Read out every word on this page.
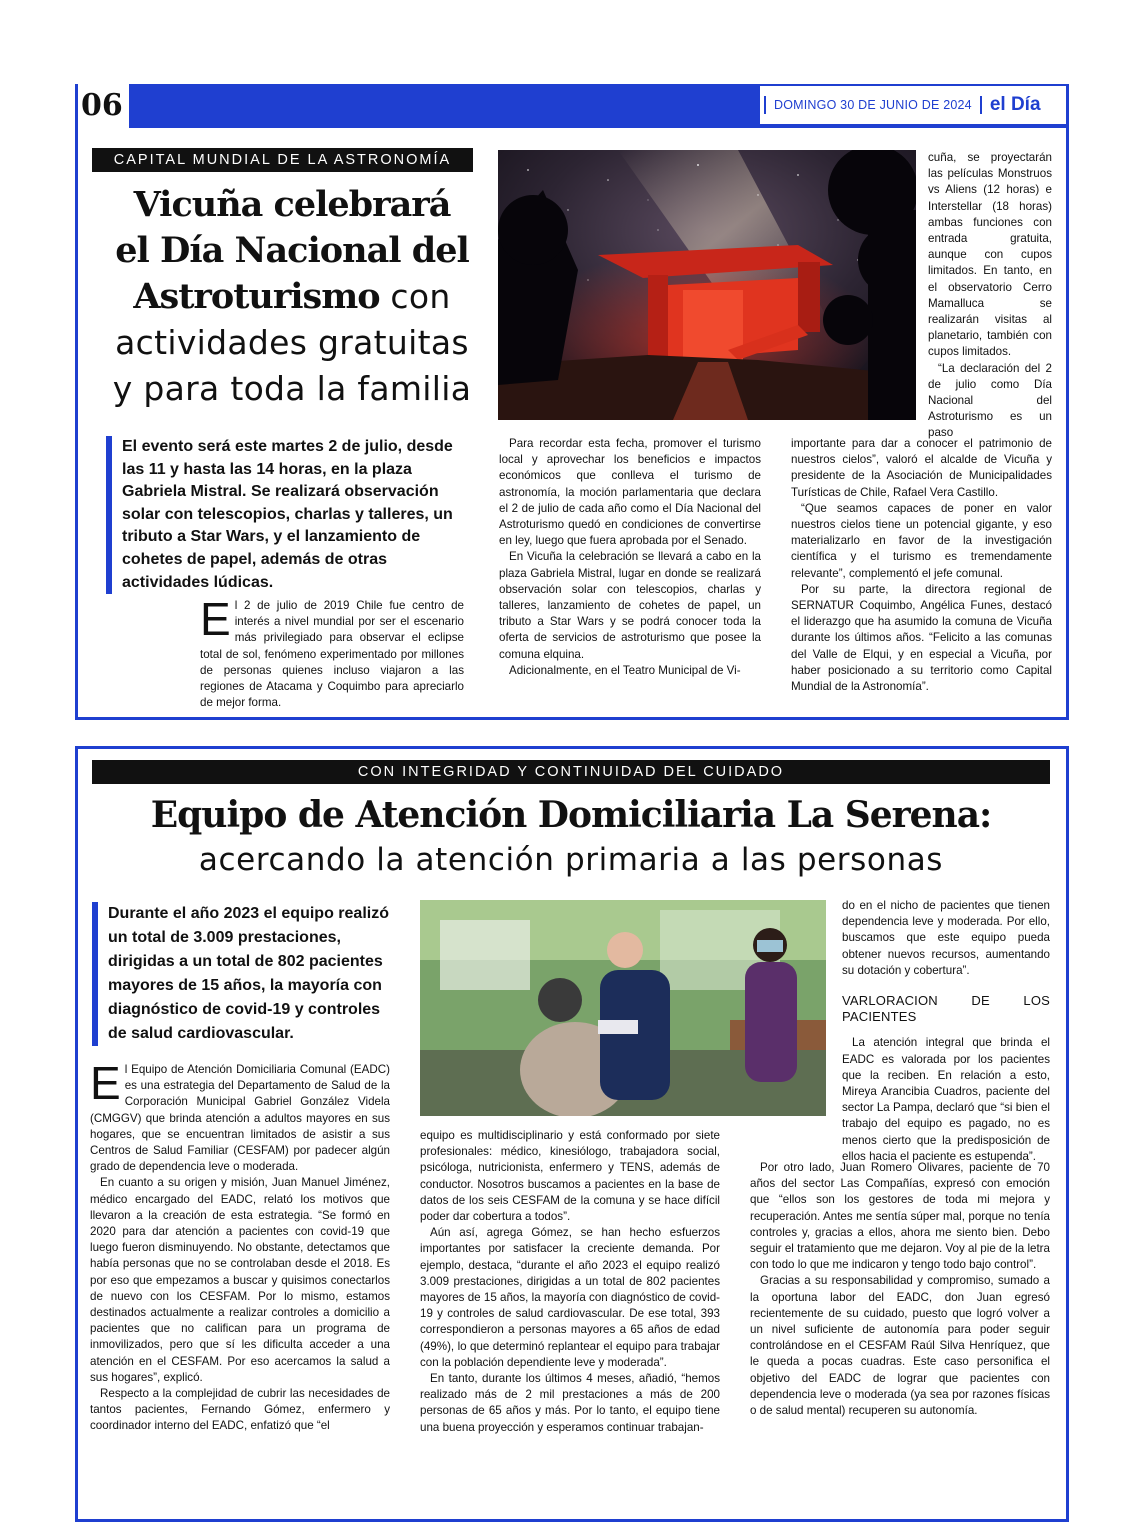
06	DOMINGO 30 DE JUNIO DE 2024 el Día
CAPITAL MUNDIAL DE LA ASTRONOMÍA
Vicuña celebrará
el Día Nacional del
Astroturismo con
actividades gratuitas
y para toda la familia
El evento será este martes 2 de julio, desde las 11 y hasta las 14 horas, en la plaza Gabriela Mistral. Se realizará observación solar con telescopios, charlas y talleres, un tributo a Star Wars, y el lanzamiento de cohetes de papel, además de otras actividades lúdicas.
E l 2 de julio de 2019 Chile fue centro de interés a nivel mundial por ser el escenario más privilegiado para observar el eclipse total de sol, fenómeno experimentado por millones de personas quienes incluso viajaron a las regiones de Atacama y Coquimbo para apreciarlo de mejor forma.

Para recordar esta fecha, promover el turismo local y aprovechar los beneficios e impactos económicos que conlleva el turismo de astronomía, la moción parlamentaria que declara el 2 de julio de cada año como el Día Nacional del Astroturismo quedó en condiciones de convertirse en ley, luego que fuera aprobada por el Senado.

En Vicuña la celebración se llevará a cabo en la plaza Gabriela Mistral, lugar en donde se realizará observación solar con telescopios, charlas y talleres, lanzamiento de cohetes de papel, un tributo a Star Wars y se podrá conocer toda la oferta de servicios de astroturismo que posee la comuna elquina.

Adicionalmente, en el Teatro Municipal de Vi-

cuña, se proyectarán las películas Monstruos vs Aliens (12 horas) e Interstellar (18 horas) ambas funciones con entrada gratuita, aunque con cupos limitados. En tanto, en el observatorio Cerro Mamalluca se realizarán visitas al planetario, también con cupos limitados.

“La declaración del 2 de julio como Día Nacional del Astroturismo es un paso

importante para dar a conocer el patrimonio de nuestros cielos”, valoró el alcalde de Vicuña y presidente de la Asociación de Municipalidades Turísticas de Chile, Rafael Vera Castillo.

“Que seamos capaces de poner en valor nuestros cielos tiene un potencial gigante, y eso materializarlo en favor de la investigación científica y el turismo es tremendamente relevante”, complementó el jefe comunal.

Por su parte, la directora regional de SERNATUR Coquimbo, Angélica Funes, destacó el liderazgo que ha asumido la comuna de Vicuña durante los últimos años. “Felicito a las comunas del Valle de Elqui, y en especial a Vicuña, por haber posicionado a su territorio como Capital Mundial de la Astronomía”.

CON INTEGRIDAD Y CONTINUIDAD DEL CUIDADO
Equipo de Atención Domiciliaria La Serena:
acercando la atención primaria a las personas
Durante el año 2023 el equipo realizó un total de 3.009 prestaciones, dirigidas a un total de 802 pacientes mayores de 15 años, la mayoría con diagnóstico de covid-19 y controles de salud cardiovascular.
E l Equipo de Atención Domiciliaria Comunal (EADC) es una estrategia del Departamento de Salud de la Corporación Municipal Gabriel González Videla (CMGGV) que brinda atención a adultos mayores en sus hogares, que se encuentran limitados de asistir a sus Centros de Salud Familiar (CESFAM) por padecer algún grado de dependencia leve o moderada.

En cuanto a su origen y misión, Juan Manuel Jiménez, médico encargado del EADC, relató los motivos que llevaron a la creación de esta estrategia. “Se formó en 2020 para dar atención a pacientes con covid-19 que luego fueron disminuyendo. No obstante, detectamos que había personas que no se controlaban desde el 2018. Es por eso que empezamos a buscar y quisimos conectarlos de nuevo con los CESFAM. Por lo mismo, estamos destinados actualmente a realizar controles a domicilio a pacientes que no califican para un programa de inmovilizados, pero que sí les dificulta acceder a una atención en el CESFAM. Por eso acercamos la salud a sus hogares”, explicó.

Respecto a la complejidad de cubrir las necesidades de tantos pacientes, Fernando Gómez, enfermero y coordinador interno del EADC, enfatizó que “el

equipo es multidisciplinario y está conformado por siete profesionales: médico, kinesiólogo, trabajadora social, psicóloga, nutricionista, enfermero y TENS, además de conductor. Nosotros buscamos a pacientes en la base de datos de los seis CESFAM de la comuna y se hace difícil poder dar cobertura a todos”.

Aún así, agrega Gómez, se han hecho esfuerzos importantes por satisfacer la creciente demanda. Por ejemplo, destaca, “durante el año 2023 el equipo realizó 3.009 prestaciones, dirigidas a un total de 802 pacientes mayores de 15 años, la mayoría con diagnóstico de covid-19 y controles de salud cardiovascular. De ese total, 393 correspondieron a personas mayores a 65 años de edad (49%), lo que determinó replantear el equipo para trabajar con la población dependiente leve y moderada”.

En tanto, durante los últimos 4 meses, añadió, “hemos realizado más de 2 mil prestaciones a más de 200 personas de 65 años y más. Por lo tanto, el equipo tiene una buena proyección y esperamos continuar trabajan-

do en el nicho de pacientes que tienen dependencia leve y moderada. Por ello, buscamos que este equipo pueda obtener nuevos recursos, aumentando su dotación y cobertura”.

VARLORACION DE LOS PACIENTES

La atención integral que brinda el EADC es valorada por los pacientes que la reciben. En relación a esto, Mireya Arancibia Cuadros, paciente del sector La Pampa, declaró que “si bien el trabajo del equipo es pagado, no es menos cierto que la predisposición de ellos hacia el paciente es estupenda”.

Por otro lado, Juan Romero Olivares, paciente de 70 años del sector Las Compañías, expresó con emoción que “ellos son los gestores de toda mi mejora y recuperación. Antes me sentía súper mal, porque no tenía controles y, gracias a ellos, ahora me siento bien. Debo seguir el tratamiento que me dejaron. Voy al pie de la letra con todo lo que me indicaron y tengo todo bajo control”.

Gracias a su responsabilidad y compromiso, sumado a la oportuna labor del EADC, don Juan egresó recientemente de su cuidado, puesto que logró volver a un nivel suficiente de autonomía para poder seguir controlándose en el CESFAM Raúl Silva Henríquez, que le queda a pocas cuadras. Este caso personifica el objetivo del EADC de lograr que pacientes con dependencia leve o moderada (ya sea por razones físicas o de salud mental) recuperen su autonomía.
